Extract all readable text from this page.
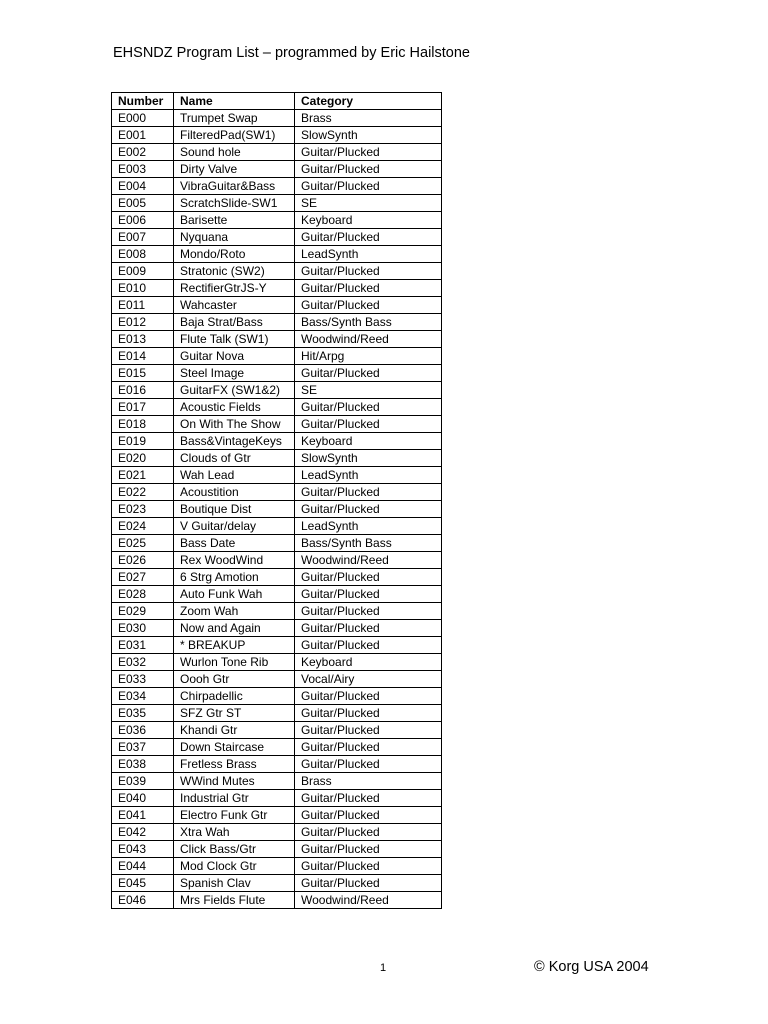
EHSNDZ Program List – programmed by Eric Hailstone
Number	Name	Category
E000	Trumpet Swap	Brass
E001	FilteredPad(SW1)	SlowSynth
E002	Sound hole	Guitar/Plucked
E003	Dirty Valve	Guitar/Plucked
E004	VibraGuitar&Bass	Guitar/Plucked
E005	ScratchSlide-SW1	SE
E006	Barisette	Keyboard
E007	Nyquana	Guitar/Plucked
E008	Mondo/Roto	LeadSynth
E009	Stratonic (SW2)	Guitar/Plucked
E010	RectifierGtrJS-Y	Guitar/Plucked
E011	Wahcaster	Guitar/Plucked
E012	Baja Strat/Bass	Bass/Synth Bass
E013	Flute Talk (SW1)	Woodwind/Reed
E014	Guitar Nova	Hit/Arpg
E015	Steel Image	Guitar/Plucked
E016	GuitarFX (SW1&2)	SE
E017	Acoustic Fields	Guitar/Plucked
E018	On With The Show	Guitar/Plucked
E019	Bass&VintageKeys	Keyboard
E020	Clouds of Gtr	SlowSynth
E021	Wah Lead	LeadSynth
E022	Acoustition	Guitar/Plucked
E023	Boutique Dist	Guitar/Plucked
E024	V Guitar/delay	LeadSynth
E025	Bass Date	Bass/Synth Bass
E026	Rex WoodWind	Woodwind/Reed
E027	6 Strg Amotion	Guitar/Plucked
E028	Auto Funk Wah	Guitar/Plucked
E029	Zoom Wah	Guitar/Plucked
E030	Now and Again	Guitar/Plucked
E031	* BREAKUP	Guitar/Plucked
E032	Wurlon Tone Rib	Keyboard
E033	Oooh Gtr	Vocal/Airy
E034	Chirpadellic	Guitar/Plucked
E035	SFZ Gtr ST	Guitar/Plucked
E036	Khandi Gtr	Guitar/Plucked
E037	Down Staircase	Guitar/Plucked
E038	Fretless Brass	Guitar/Plucked
E039	WWind Mutes	Brass
E040	Industrial Gtr	Guitar/Plucked
E041	Electro Funk Gtr	Guitar/Plucked
E042	Xtra Wah	Guitar/Plucked
E043	Click Bass/Gtr	Guitar/Plucked
E044	Mod Clock Gtr	Guitar/Plucked
E045	Spanish Clav	Guitar/Plucked
E046	Mrs Fields Flute	Woodwind/Reed
1	© Korg USA 2004
